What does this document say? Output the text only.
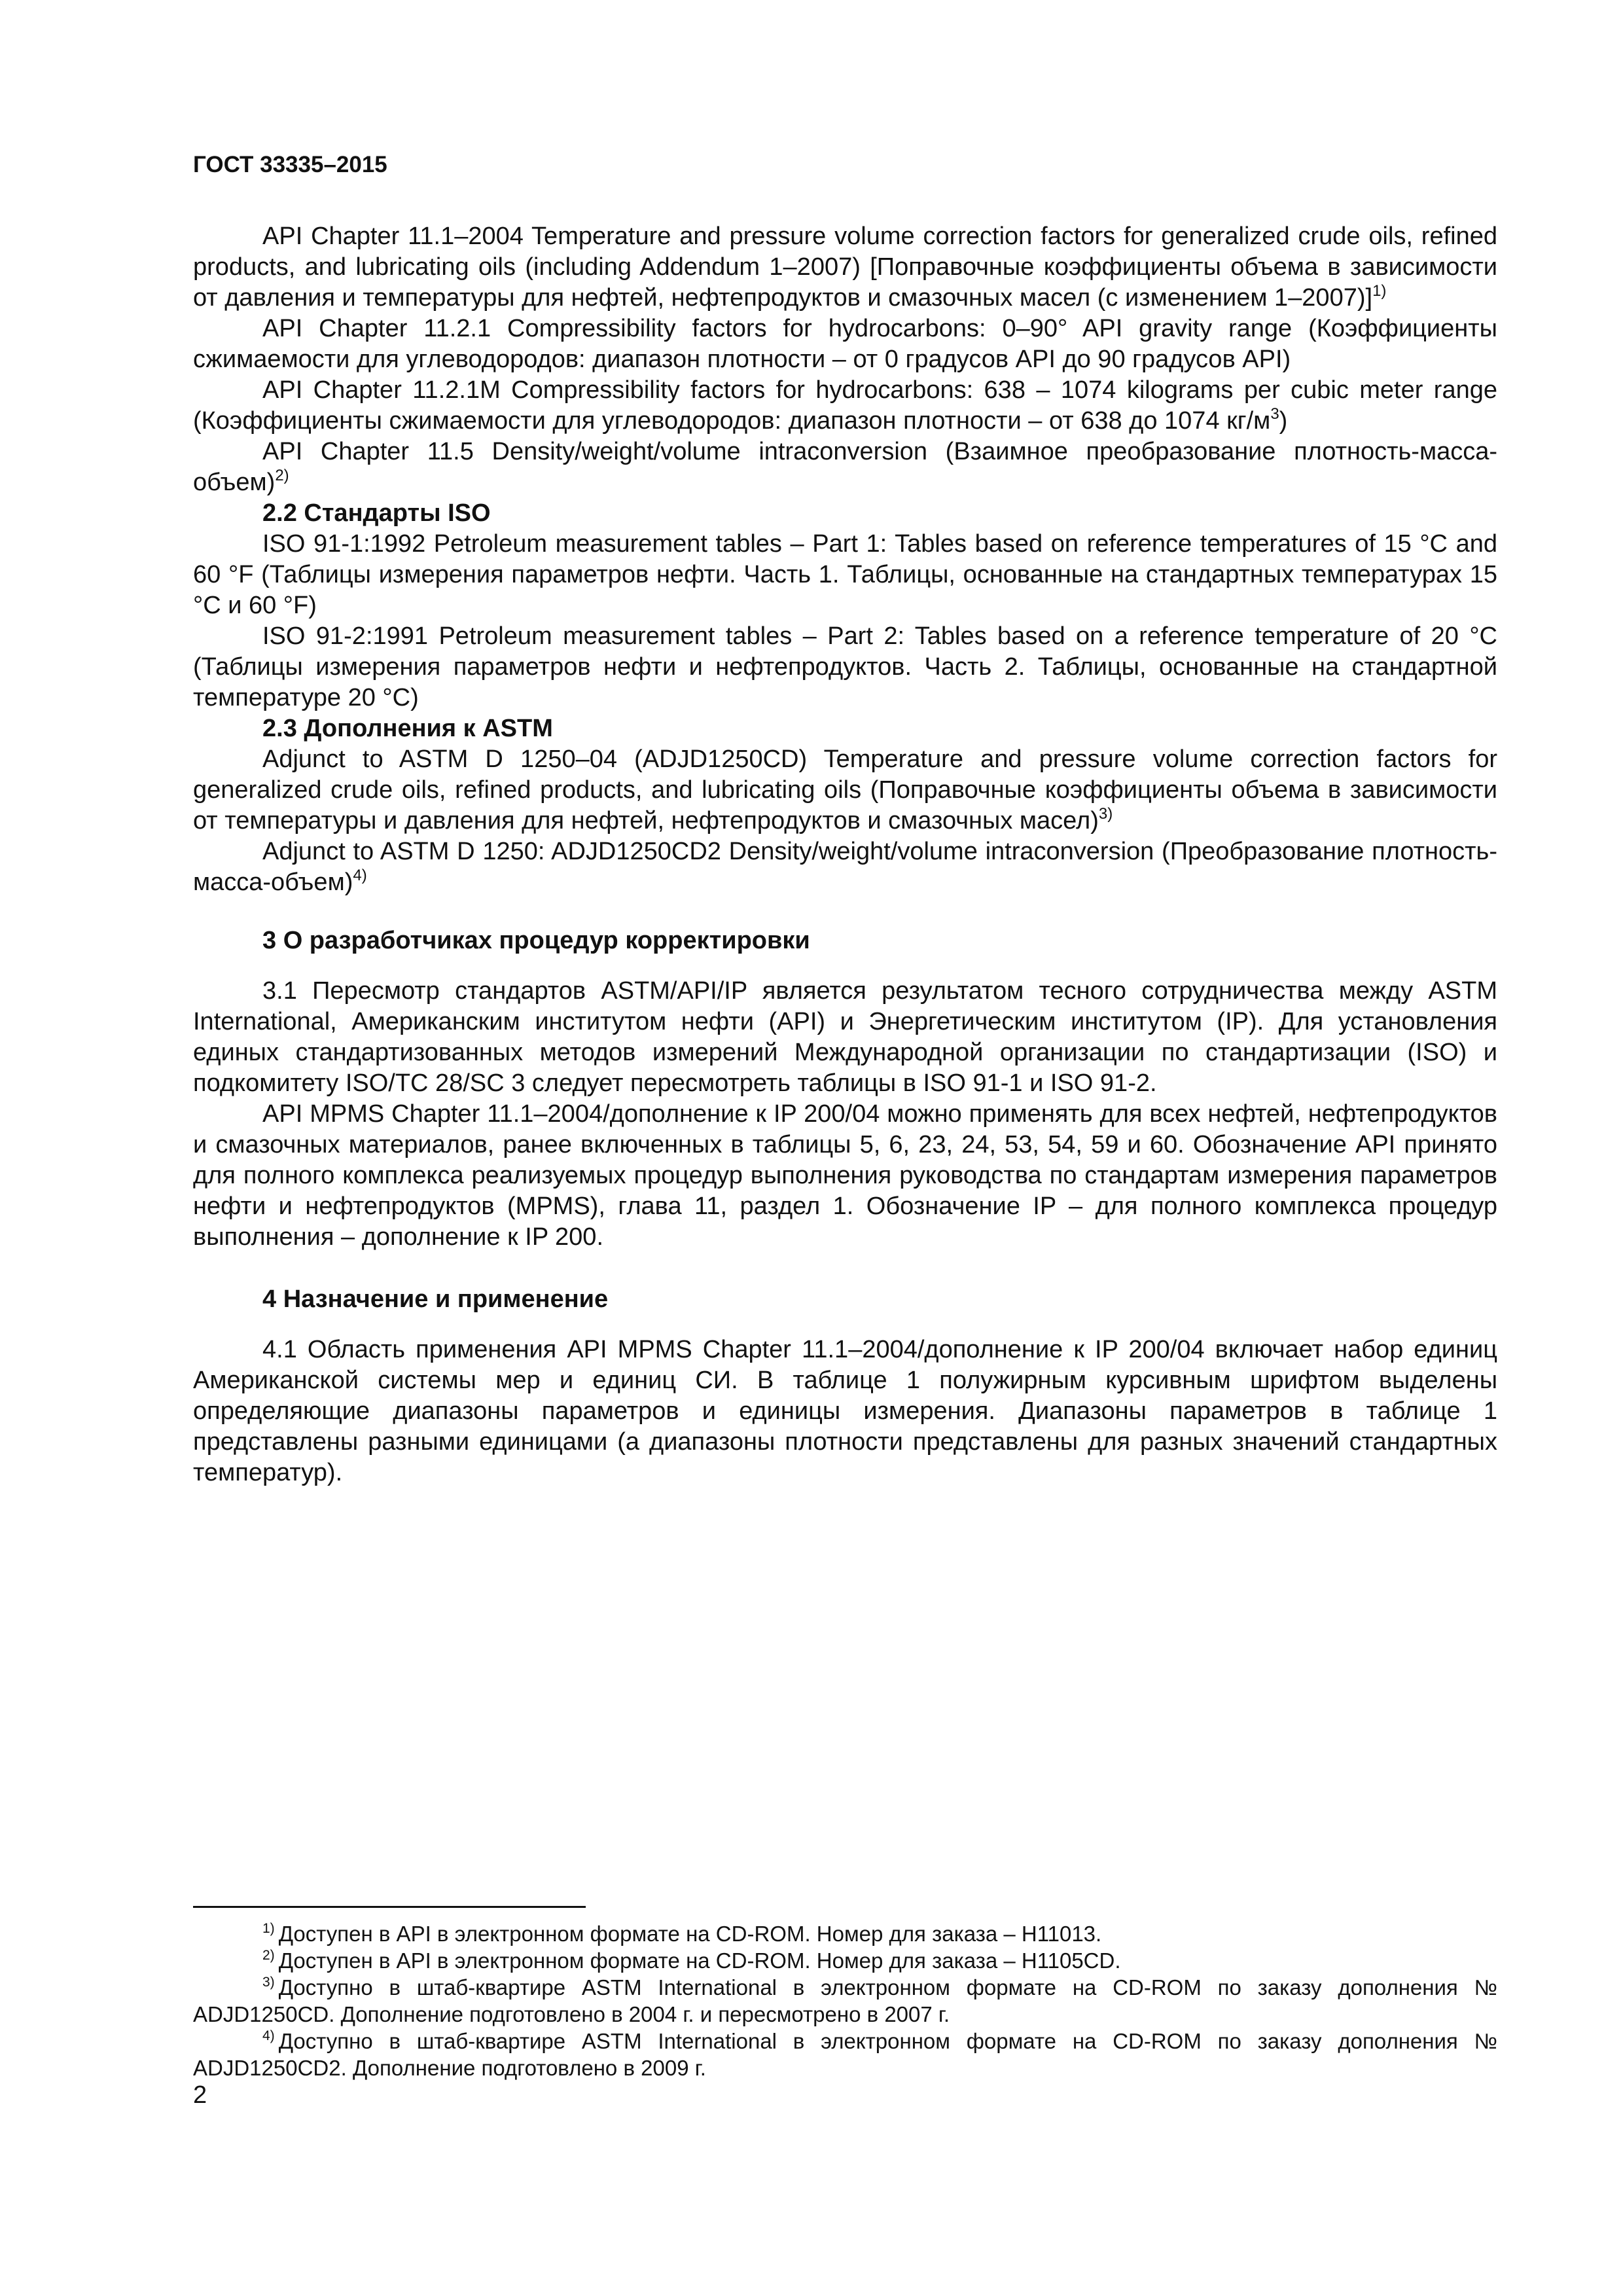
ГОСТ 33335–2015

API Chapter 11.1–2004 Temperature and pressure volume correction factors for generalized crude oils, refined products, and lubricating oils (including Addendum 1–2007) [Поправочные коэффициенты объема в зависимости от давления и температуры для нефтей, нефтепродуктов и смазочных масел (с изменением 1–2007)]$^{1)}$

API Chapter 11.2.1 Compressibility factors for hydrocarbons: 0–90° API gravity range (Коэффициенты сжимаемости для углеводородов: диапазон плотности – от 0 градусов API до 90 градусов API)

API Chapter 11.2.1M Compressibility factors for hydrocarbons: 638 – 1074 kilograms per cubic meter range (Коэффициенты сжимаемости для углеводородов: диапазон плотности – от 638 до 1074 $кг/м^3$)

API Chapter 11.5 Density/weight/volume intraconversion (Взаимное преобразование плотность-масса-объем)$^{2)}$

2.2 Стандарты ISO

ISO 91-1:1992 Petroleum measurement tables – Part 1: Tables based on reference temperatures of 15 °C and 60 °F (Таблицы измерения параметров нефти. Часть 1. Таблицы, основанные на стандартных температурах 15 °C и 60 °F)

ISO 91-2:1991 Petroleum measurement tables – Part 2: Tables based on a reference temperature of 20 °C (Таблицы измерения параметров нефти и нефтепродуктов. Часть 2. Таблицы, основанные на стандартной температуре 20 °C)

2.3 Дополнения к ASTM

Adjunct to ASTM D 1250–04 (ADJD1250CD) Temperature and pressure volume correction factors for generalized crude oils, refined products, and lubricating oils (Поправочные коэффициенты объема в зависимости от температуры и давления для нефтей, нефтепродуктов и смазочных масел)$^{3)}$

Adjunct to ASTM D 1250: ADJD1250CD2 Density/weight/volume intraconversion (Преобразование плотность-масса-объем)$^{4)}$

3 О разработчиках процедур корректировки

3.1 Пересмотр стандартов ASTM/API/IP является результатом тесного сотрудничества между ASTM International, Американским институтом нефти (API) и Энергетическим институтом (IP). Для установления единых стандартизованных методов измерений Международной организации по стандартизации (ISO) и подкомитету ISO/TC 28/SC 3 следует пересмотреть таблицы в ISO 91-1 и ISO 91-2.

API MPMS Chapter 11.1–2004/дополнение к IP 200/04 можно применять для всех нефтей, нефтепродуктов и смазочных материалов, ранее включенных в таблицы 5, 6, 23, 24, 53, 54, 59 и 60. Обозначение API принято для полного комплекса реализуемых процедур выполнения руководства по стандартам измерения параметров нефти и нефтепродуктов (MPMS), глава 11, раздел 1. Обозначение IP – для полного комплекса процедур выполнения – дополнение к IP 200.

4 Назначение и применение

4.1 Область применения API MPMS Chapter 11.1–2004/дополнение к IP 200/04 включает набор единиц Американской системы мер и единиц СИ. В таблице 1 полужирным курсивным шрифтом выделены определяющие диапазоны параметров и единицы измерения. Диапазоны параметров в таблице 1 представлены разными единицами (а диапазоны плотности представлены для разных значений стандартных температур).

$^{1)}$ Доступен в API в электронном формате на CD-ROM. Номер для заказа – H11013.

$^{2)}$ Доступен в API в электронном формате на CD-ROM. Номер для заказа – H1105CD.

$^{3)}$ Доступно в штаб-квартире ASTM International в электронном формате на CD-ROM по заказу дополнения № ADJD1250CD. Дополнение подготовлено в 2004 г. и пересмотрено в 2007 г.

$^{4)}$ Доступно в штаб-квартире ASTM International в электронном формате на CD-ROM по заказу дополнения № ADJD1250CD2. Дополнение подготовлено в 2009 г.

2
